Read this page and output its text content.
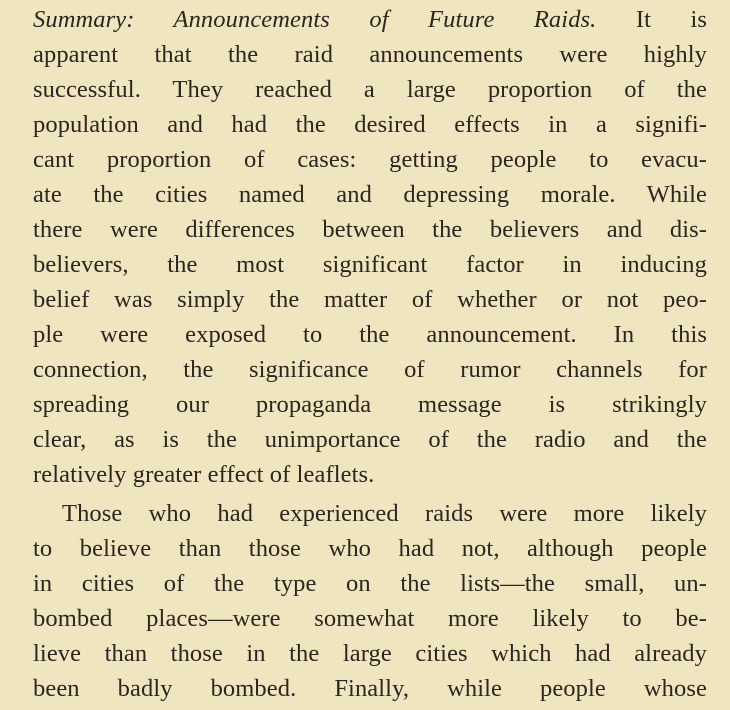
Summary: Announcements of Future Raids. It is
apparent that the raid announcements were highly
successful. They reached a large proportion of the
population and had the desired effects in a signifi-
cant proportion of cases: getting people to evacu-
ate the cities named and depressing morale. While
there were differences between the believers and dis-
believers, the most significant factor in inducing
belief was simply the matter of whether or not peo-
ple were exposed to the announcement. In this
connection, the significance of rumor channels for
spreading our propaganda message is strikingly
clear, as is the unimportance of the radio and the
relatively greater effect of leaflets.
Those who had experienced raids were more likely
to believe than those who had not, although people
in cities of the type on the lists—the small, un-
bombed places—were somewhat more likely to be-
lieve than those in the large cities which had already
been badly bombed. Finally, while people whose
